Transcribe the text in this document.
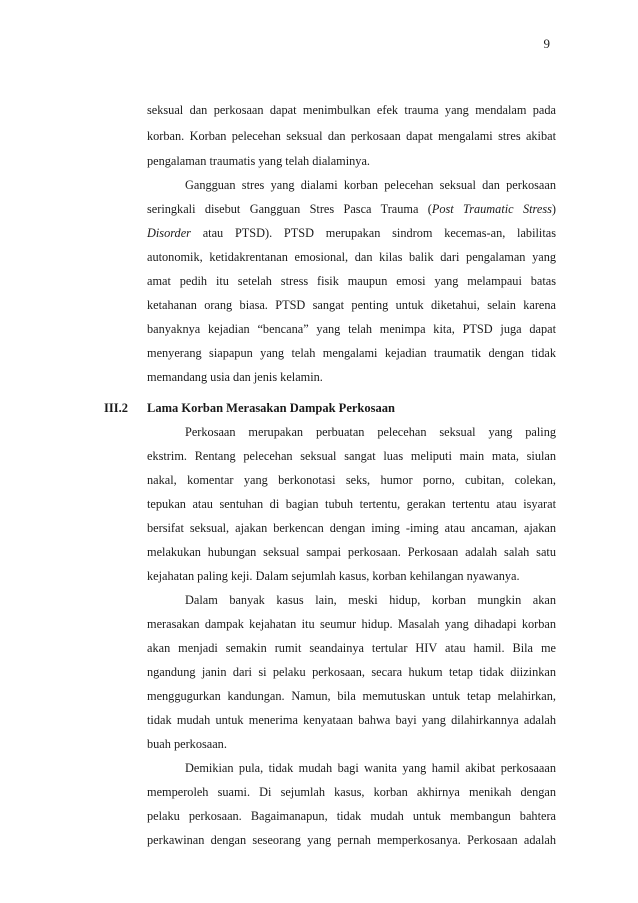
9
seksual dan perkosaan dapat menimbulkan efek trauma yang mendalam pada
korban. Korban pelecehan seksual dan perkosaan dapat mengalami stres akibat
pengalaman traumatis yang telah dialaminya.
Gangguan stres yang dialami korban pelecehan seksual dan perkosaan
seringkali disebut Gangguan Stres Pasca Trauma (Post Traumatic Stress)
Disorder atau PTSD). PTSD merupakan sindrom kecemas-an, labilitas
autonomik, ketidakrentanan emosional, dan kilas balik dari pengalaman yang
amat pedih itu setelah stress fisik maupun emosi yang melampaui batas
ketahanan orang biasa. PTSD sangat penting untuk diketahui, selain karena
banyaknya kejadian “bencana” yang telah menimpa kita, PTSD juga dapat
menyerang siapapun yang telah mengalami kejadian traumatik dengan tidak
memandang usia dan jenis kelamin.
III.2 Lama Korban Merasakan Dampak Perkosaan
Perkosaan merupakan perbuatan pelecehan seksual yang paling
ekstrim. Rentang pelecehan seksual sangat luas meliputi main mata, siulan
nakal, komentar yang berkonotasi seks, humor porno, cubitan, colekan,
tepukan atau sentuhan di bagian tubuh tertentu, gerakan tertentu atau isyarat
bersifat seksual, ajakan berkencan dengan iming -iming atau ancaman, ajakan
melakukan hubungan seksual sampai perkosaan. Perkosaan adalah salah satu
kejahatan paling keji. Dalam sejumlah kasus, korban kehilangan nyawanya.
Dalam banyak kasus lain, meski hidup, korban mungkin akan
merasakan dampak kejahatan itu seumur hidup. Masalah yang dihadapi korban
akan menjadi semakin rumit seandainya tertular HIV atau hamil. Bila me
ngandung janin dari si pelaku perkosaan, secara hukum tetap tidak diizinkan
menggugurkan kandungan. Namun, bila memutuskan untuk tetap melahirkan,
tidak mudah untuk menerima kenyataan bahwa bayi yang dilahirkannya adalah
buah perkosaan.
Demikian pula, tidak mudah bagi wanita yang hamil akibat perkosaaan
memperoleh suami. Di sejumlah kasus, korban akhirnya menikah dengan
pelaku perkosaan. Bagaimanapun, tidak mudah untuk membangun bahtera
perkawinan dengan seseorang yang pernah memperkosanya. Perkosaan adalah
